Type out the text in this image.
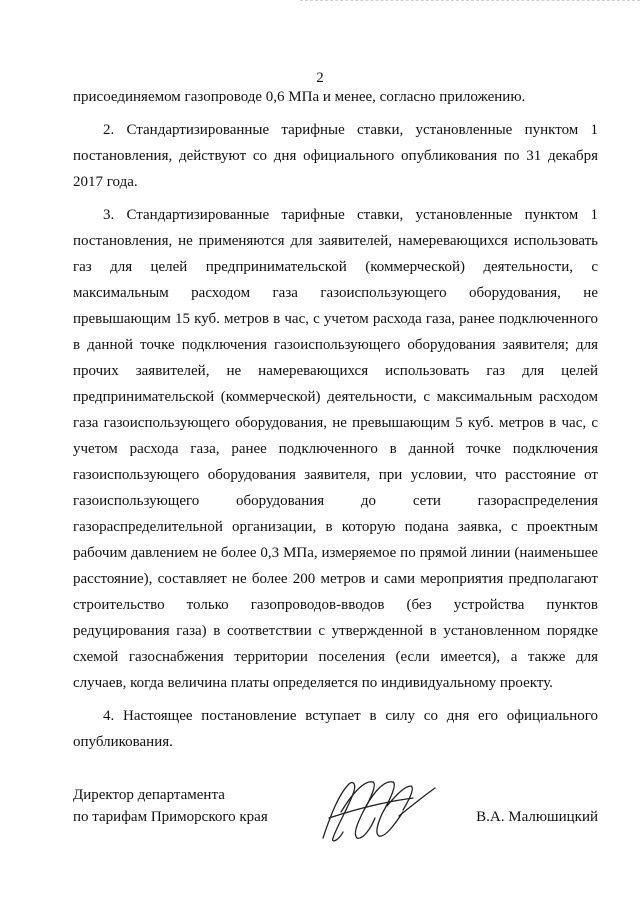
2

присоединяемом газопроводе 0,6 МПа и менее, согласно приложению.

2. Стандартизированные тарифные ставки, установленные пунктом 1 постановления, действуют со дня официального опубликования по 31 декабря 2017 года.

3. Стандартизированные тарифные ставки, установленные пунктом 1 постановления, не применяются для заявителей, намеревающихся использовать газ для целей предпринимательской (коммерческой) деятельности, с максимальным расходом газа газоиспользующего оборудования, не превышающим 15 куб. метров в час, с учетом расхода газа, ранее подключенного в данной точке подключения газоиспользующего оборудования заявителя; для прочих заявителей, не намеревающихся использовать газ для целей предпринимательской (коммерческой) деятельности, с максимальным расходом газа газоиспользующего оборудования, не превышающим 5 куб. метров в час, с учетом расхода газа, ранее подключенного в данной точке подключения газоиспользующего оборудования заявителя, при условии, что расстояние от газоиспользующего оборудования до сети газораспределения газораспределительной организации, в которую подана заявка, с проектным рабочим давлением не более 0,3 МПа, измеряемое по прямой линии (наименьшее расстояние), составляет не более 200 метров и сами мероприятия предполагают строительство только газопроводов-вводов (без устройства пунктов редуцирования газа) в соответствии с утвержденной в установленном порядке схемой газоснабжения территории поселения (если имеется), а также для случаев, когда величина платы определяется по индивидуальному проекту.

4. Настоящее постановление вступает в силу со дня его официального опубликования.

Директор департамента
по тарифам Приморского края	В.А. Малюшицкий
